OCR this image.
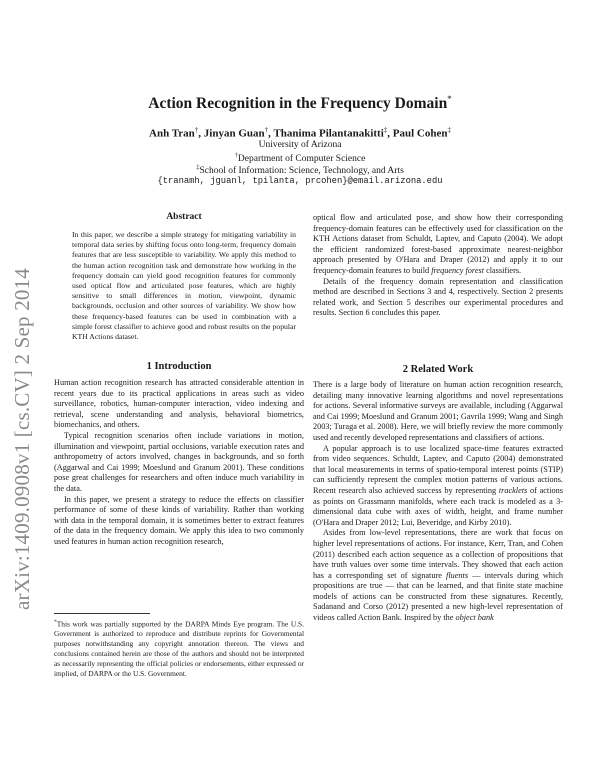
arXiv:1409.0908v1 [cs.CV] 2 Sep 2014
Action Recognition in the Frequency Domain*
Anh Tran†, Jinyan Guan†, Thanima Pilantanakitti‡, Paul Cohen‡
University of Arizona
†Department of Computer Science
‡School of Information: Science, Technology, and Arts
{tranamh, jguanl, tpilanta, prcohen}@email.arizona.edu
Abstract
In this paper, we describe a simple strategy for mitigating variability in temporal data series by shifting focus onto long-term, frequency domain features that are less susceptible to variability. We apply this method to the human action recognition task and demonstrate how working in the frequency domain can yield good recognition features for commonly used optical flow and articulated pose features, which are highly sensitive to small differences in motion, viewpoint, dynamic backgrounds, occlusion and other sources of variability. We show how these frequency-based features can be used in combination with a simple forest classifier to achieve good and robust results on the popular KTH Actions dataset.
1 Introduction

Human action recognition research has attracted considerable attention in recent years due to its practical applications in areas such as video surveillance, robotics, human-computer interaction, video indexing and retrieval, scene understanding and analysis, behavioral biometrics, biomechanics, and others.

Typical recognition scenarios often include variations in motion, illumination and viewpoint, partial occlusions, variable execution rates and anthropometry of actors involved, changes in backgrounds, and so forth (Aggarwal and Cai 1999; Moeslund and Granum 2001). These conditions pose great challenges for researchers and often induce much variability in the data.

In this paper, we present a strategy to reduce the effects on classifier performance of some of these kinds of variability. Rather than working with data in the temporal domain, it is sometimes better to extract features of the data in the frequency domain. We apply this idea to two commonly used features in human action recognition research,

*This work was partially supported by the DARPA Minds Eye program. The U.S. Government is authorized to reproduce and distribute reprints for Governmental purposes notwithstanding any copyright annotation thereon. The views and conclusions contained herein are those of the authors and should not be interpreted as necessarily representing the official policies or endorsements, either expressed or implied, of DARPA or the U.S. Government.

optical flow and articulated pose, and show how their corresponding frequency-domain features can be effectively used for classification on the KTH Actions dataset from Schuldt, Laptev, and Caputo (2004). We adopt the efficient randomized forest-based approximate nearest-neighbor approach presented by O'Hara and Draper (2012) and apply it to our frequency-domain features to build frequency forest classifiers.

Details of the frequency domain representation and classification method are described in Sections 3 and 4, respectively. Section 2 presents related work, and Section 5 describes our experimental procedures and results. Section 6 concludes this paper.

2 Related Work

There is a large body of literature on human action recognition research, detailing many innovative learning algorithms and novel representations for actions. Several informative surveys are available, including (Aggarwal and Cai 1999; Moeslund and Granum 2001; Gavrila 1999; Wang and Singh 2003; Turaga et al. 2008). Here, we will briefly review the more commonly used and recently developed representations and classifiers of actions.

A popular approach is to use localized space-time features extracted from video sequences. Schuldt, Laptev, and Caputo (2004) demonstrated that local measurements in terms of spatio-temporal interest points (STIP) can sufficiently represent the complex motion patterns of various actions. Recent research also achieved success by representing tracklets of actions as points on Grassmann manifolds, where each track is modeled as a 3-dimensional data cube with axes of width, height, and frame number (O'Hara and Draper 2012; Lui, Beveridge, and Kirby 2010).

Asides from low-level representations, there are work that focus on higher level representations of actions. For instance, Kerr, Tran, and Cohen (2011) described each action sequence as a collection of propositions that have truth values over some time intervals. They showed that each action has a corresponding set of signature fluents — intervals during which propositions are true — that can be learned, and that finite state machine models of actions can be constructed from these signatures. Recently, Sadanand and Corso (2012) presented a new high-level representation of videos called Action Bank. Inspired by the object bank
